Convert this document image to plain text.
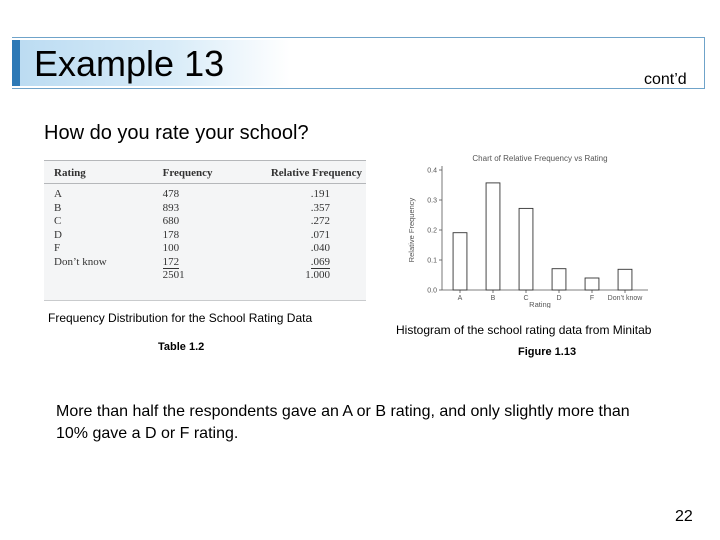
Example 13	cont’d
How do you rate your school?
Rating	Frequency	Relative Frequency
A	478	.191
B	893	.357
C	680	.272
D	178	.071
F	100	.040
Don’t know	172	.069
	2501	1.000
Frequency Distribution for the School Rating Data
Table 1.2
Chart of Relative Frequency vs Rating
Relative Frequency
Rating
0.0
0.1
0.2
0.3
0.4
A	B	C	D	F Don’t know
Histogram of the school rating data from Minitab
Figure 1.13
More than half the respondents gave an A or B rating, and only slightly more than 10% gave a D or F rating.
22
